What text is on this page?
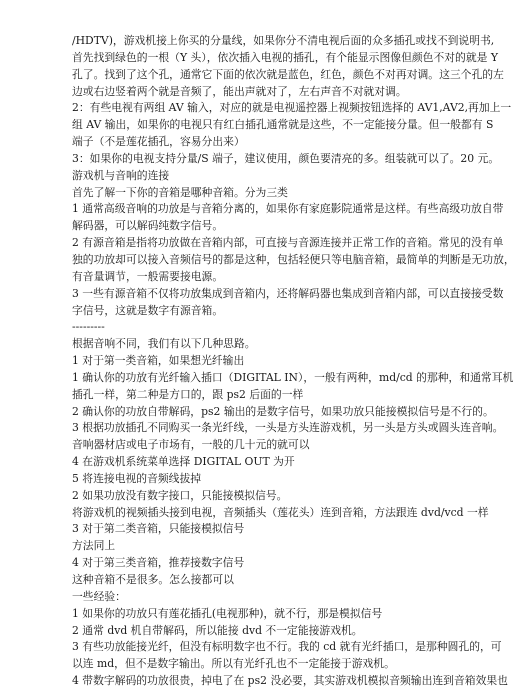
/HDTV)，游戏机接上你买的分量线，如果你分不清电视后面的众多插孔或找不到说明书,
首先找到绿色的一根（Y 头），依次插入电视的插孔，有个能显示图像但颜色不对的就是 Y
孔了。找到了这个孔，通常它下面的依次就是蓝色，红色，颜色不对再对调。这三个孔的左
边或右边竖着两个就是音频了，能出声就对了，左右声音不对就对调。
2：有些电视有两组 AV 输入，对应的就是电视遥控器上视频按钮选择的 AV1,AV2,再加上一
组 AV 输出，如果你的电视只有红白插孔通常就是这些，不一定能接分量。但一般都有 S
端子（不是莲花插孔，容易分出来）
3：如果你的电视支持分量/S 端子，建议使用，颜色要清亮的多。组装就可以了。20 元。
游戏机与音响的连接
首先了解一下你的音箱是哪种音箱。分为三类
1 通常高级音响的功放是与音箱分离的，如果你有家庭影院通常是这样。有些高级功放自带
解码器，可以解码纯数字信号。
2 有源音箱是指将功放做在音箱内部，可直接与音源连接并正常工作的音箱。常见的没有单
独的功放却可以接入音频信号的都是这种，包括轻便只等电脑音箱，最简单的判断是无功放，
有音量调节，一般需要接电源。
3 一些有源音箱不仅将功放集成到音箱内，还将解码器也集成到音箱内部，可以直接接受数
字信号，这就是数字有源音箱。
---------
根据音响不同，我们有以下几种思路。
1 对于第一类音箱，如果想光纤输出
1 确认你的功放有光纤输入插口（DIGITAL IN），一般有两种，md/cd 的那种，和通常耳机
插孔一样，第二种是方口的，跟 ps2 后面的一样
2 确认你的功放自带解码，ps2 输出的是数字信号，如果功放只能接模拟信号是不行的。
3 根据功放插孔不同购买一条光纤线，一头是方头连游戏机，另一头是方头或圆头连音响。
音响器材店或电子市场有，一般的几十元的就可以
4 在游戏机系统菜单选择 DIGITAL OUT 为开
5 将连接电视的音频线拔掉
2 如果功放没有数字接口，只能接模拟信号。
将游戏机的视频插头接到电视，音频插头（莲花头）连到音箱，方法跟连 dvd/vcd 一样
3 对于第二类音箱，只能接模拟信号
方法同上
4 对于第三类音箱，推荐接数字信号
这种音箱不是很多。怎么接都可以
一些经验：
1 如果你的功放只有莲花插孔(电视那种)，就不行，那是模拟信号
2 通常 dvd 机自带解码，所以能接 dvd 不一定能接游戏机。
3 有些功放能接光纤，但没有标明数字也不行。我的 cd 就有光纤插口，是那种圆孔的，可
以连 md，但不是数字输出。所以有光纤孔也不一定能接于游戏机。
4 带数字解码的功放很贵，掉电了在 ps2 没必要，其实游戏机模拟音频输出连到音箱效果也
